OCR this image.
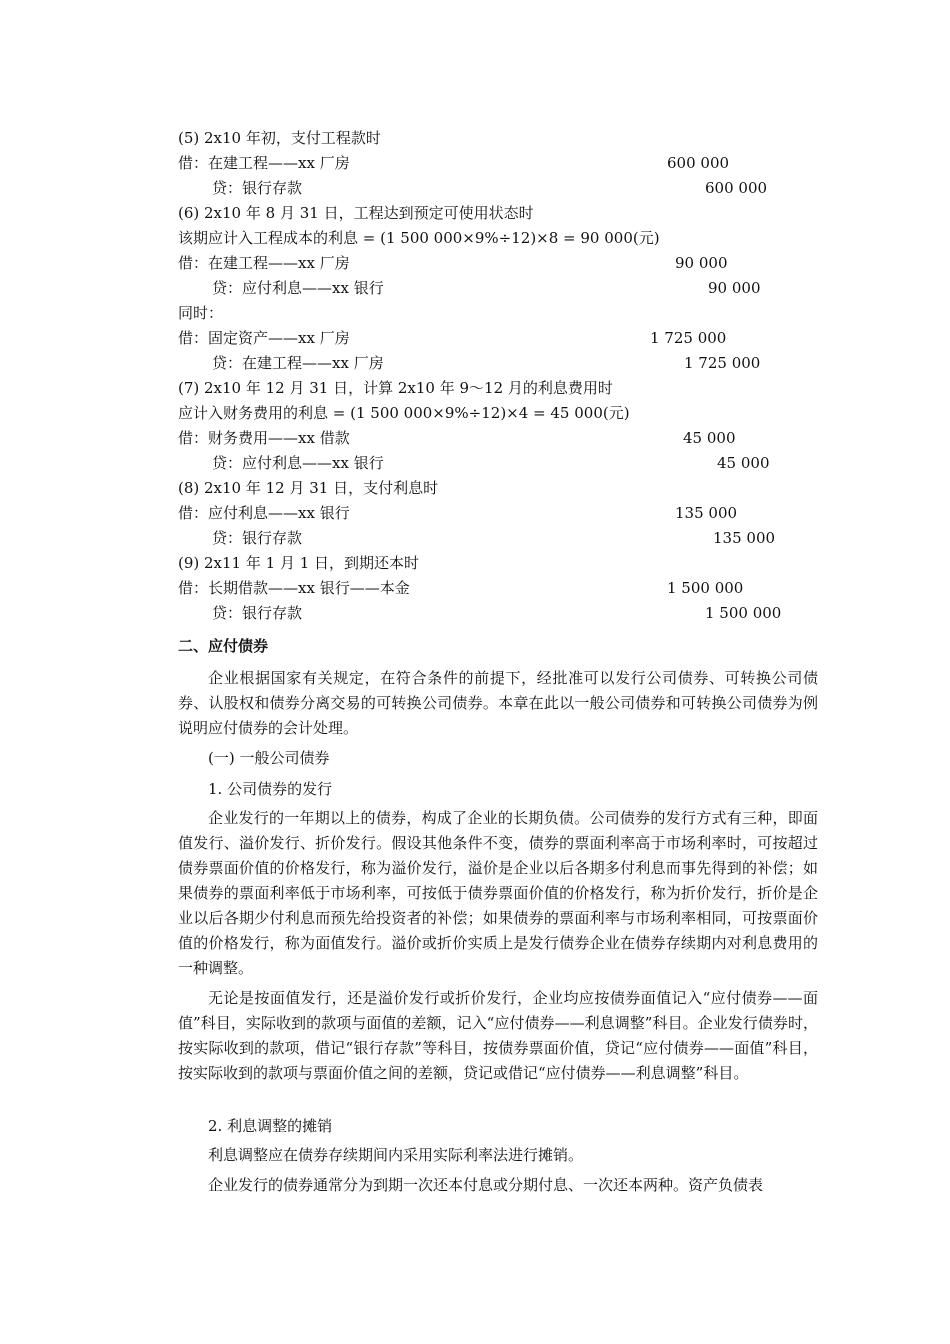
(5) 2x10 年初，支付工程款时
借：在建工程——xx 厂房	600 000
贷：银行存款	600 000
(6) 2x10 年 8 月 31 日，工程达到预定可使用状态时
该期应计入工程成本的利息 = (1 500 000×9%÷12)×8 = 90 000(元)
借：在建工程——xx 厂房	90 000
贷：应付利息——xx 银行	90 000
同时：
借：固定资产——xx 厂房	1 725 000
贷：在建工程——xx 厂房	1 725 000
(7) 2x10 年 12 月 31 日，计算 2x10 年 9～12 月的利息费用时
应计入财务费用的利息 = (1 500 000×9%÷12)×4 = 45 000(元)
借：财务费用——xx 借款	45 000
贷：应付利息——xx 银行	45 000
(8) 2x10 年 12 月 31 日，支付利息时
借：应付利息——xx 银行	135 000
贷：银行存款	135 000
(9) 2x11 年 1 月 1 日，到期还本时
借：长期借款——xx 银行——本金	1 500 000
贷：银行存款	1 500 000
二、应付债券

企业根据国家有关规定，在符合条件的前提下，经批准可以发行公司债券、可转换公司债券、认股权和债券分离交易的可转换公司债券。本章在此以一般公司债券和可转换公司债券为例说明应付债券的会计处理。

(一) 一般公司债券
1. 公司债券的发行

企业发行的一年期以上的债券，构成了企业的长期负债。公司债券的发行方式有三种，即面值发行、溢价发行、折价发行。假设其他条件不变，债券的票面利率高于市场利率时，可按超过债券票面价值的价格发行，称为溢价发行，溢价是企业以后各期多付利息而事先得到的补偿；如果债券的票面利率低于市场利率，可按低于债券票面价值的价格发行，称为折价发行，折价是企业以后各期少付利息而预先给投资者的补偿；如果债券的票面利率与市场利率相同，可按票面价值的价格发行，称为面值发行。溢价或折价实质上是发行债券企业在债券存续期内对利息费用的一种调整。

无论是按面值发行，还是溢价发行或折价发行，企业均应按债券面值记入“应付债券——面值”科目，实际收到的款项与面值的差额，记入“应付债券——利息调整”科目。企业发行债券时，按实际收到的款项，借记“银行存款”等科目，按债券票面价值，贷记“应付债券——面值”科目，按实际收到的款项与票面价值之间的差额，贷记或借记“应付债券——利息调整”科目。

2. 利息调整的摊销

利息调整应在债券存续期间内采用实际利率法进行摊销。

企业发行的债券通常分为到期一次还本付息或分期付息、一次还本两种。资产负债表
